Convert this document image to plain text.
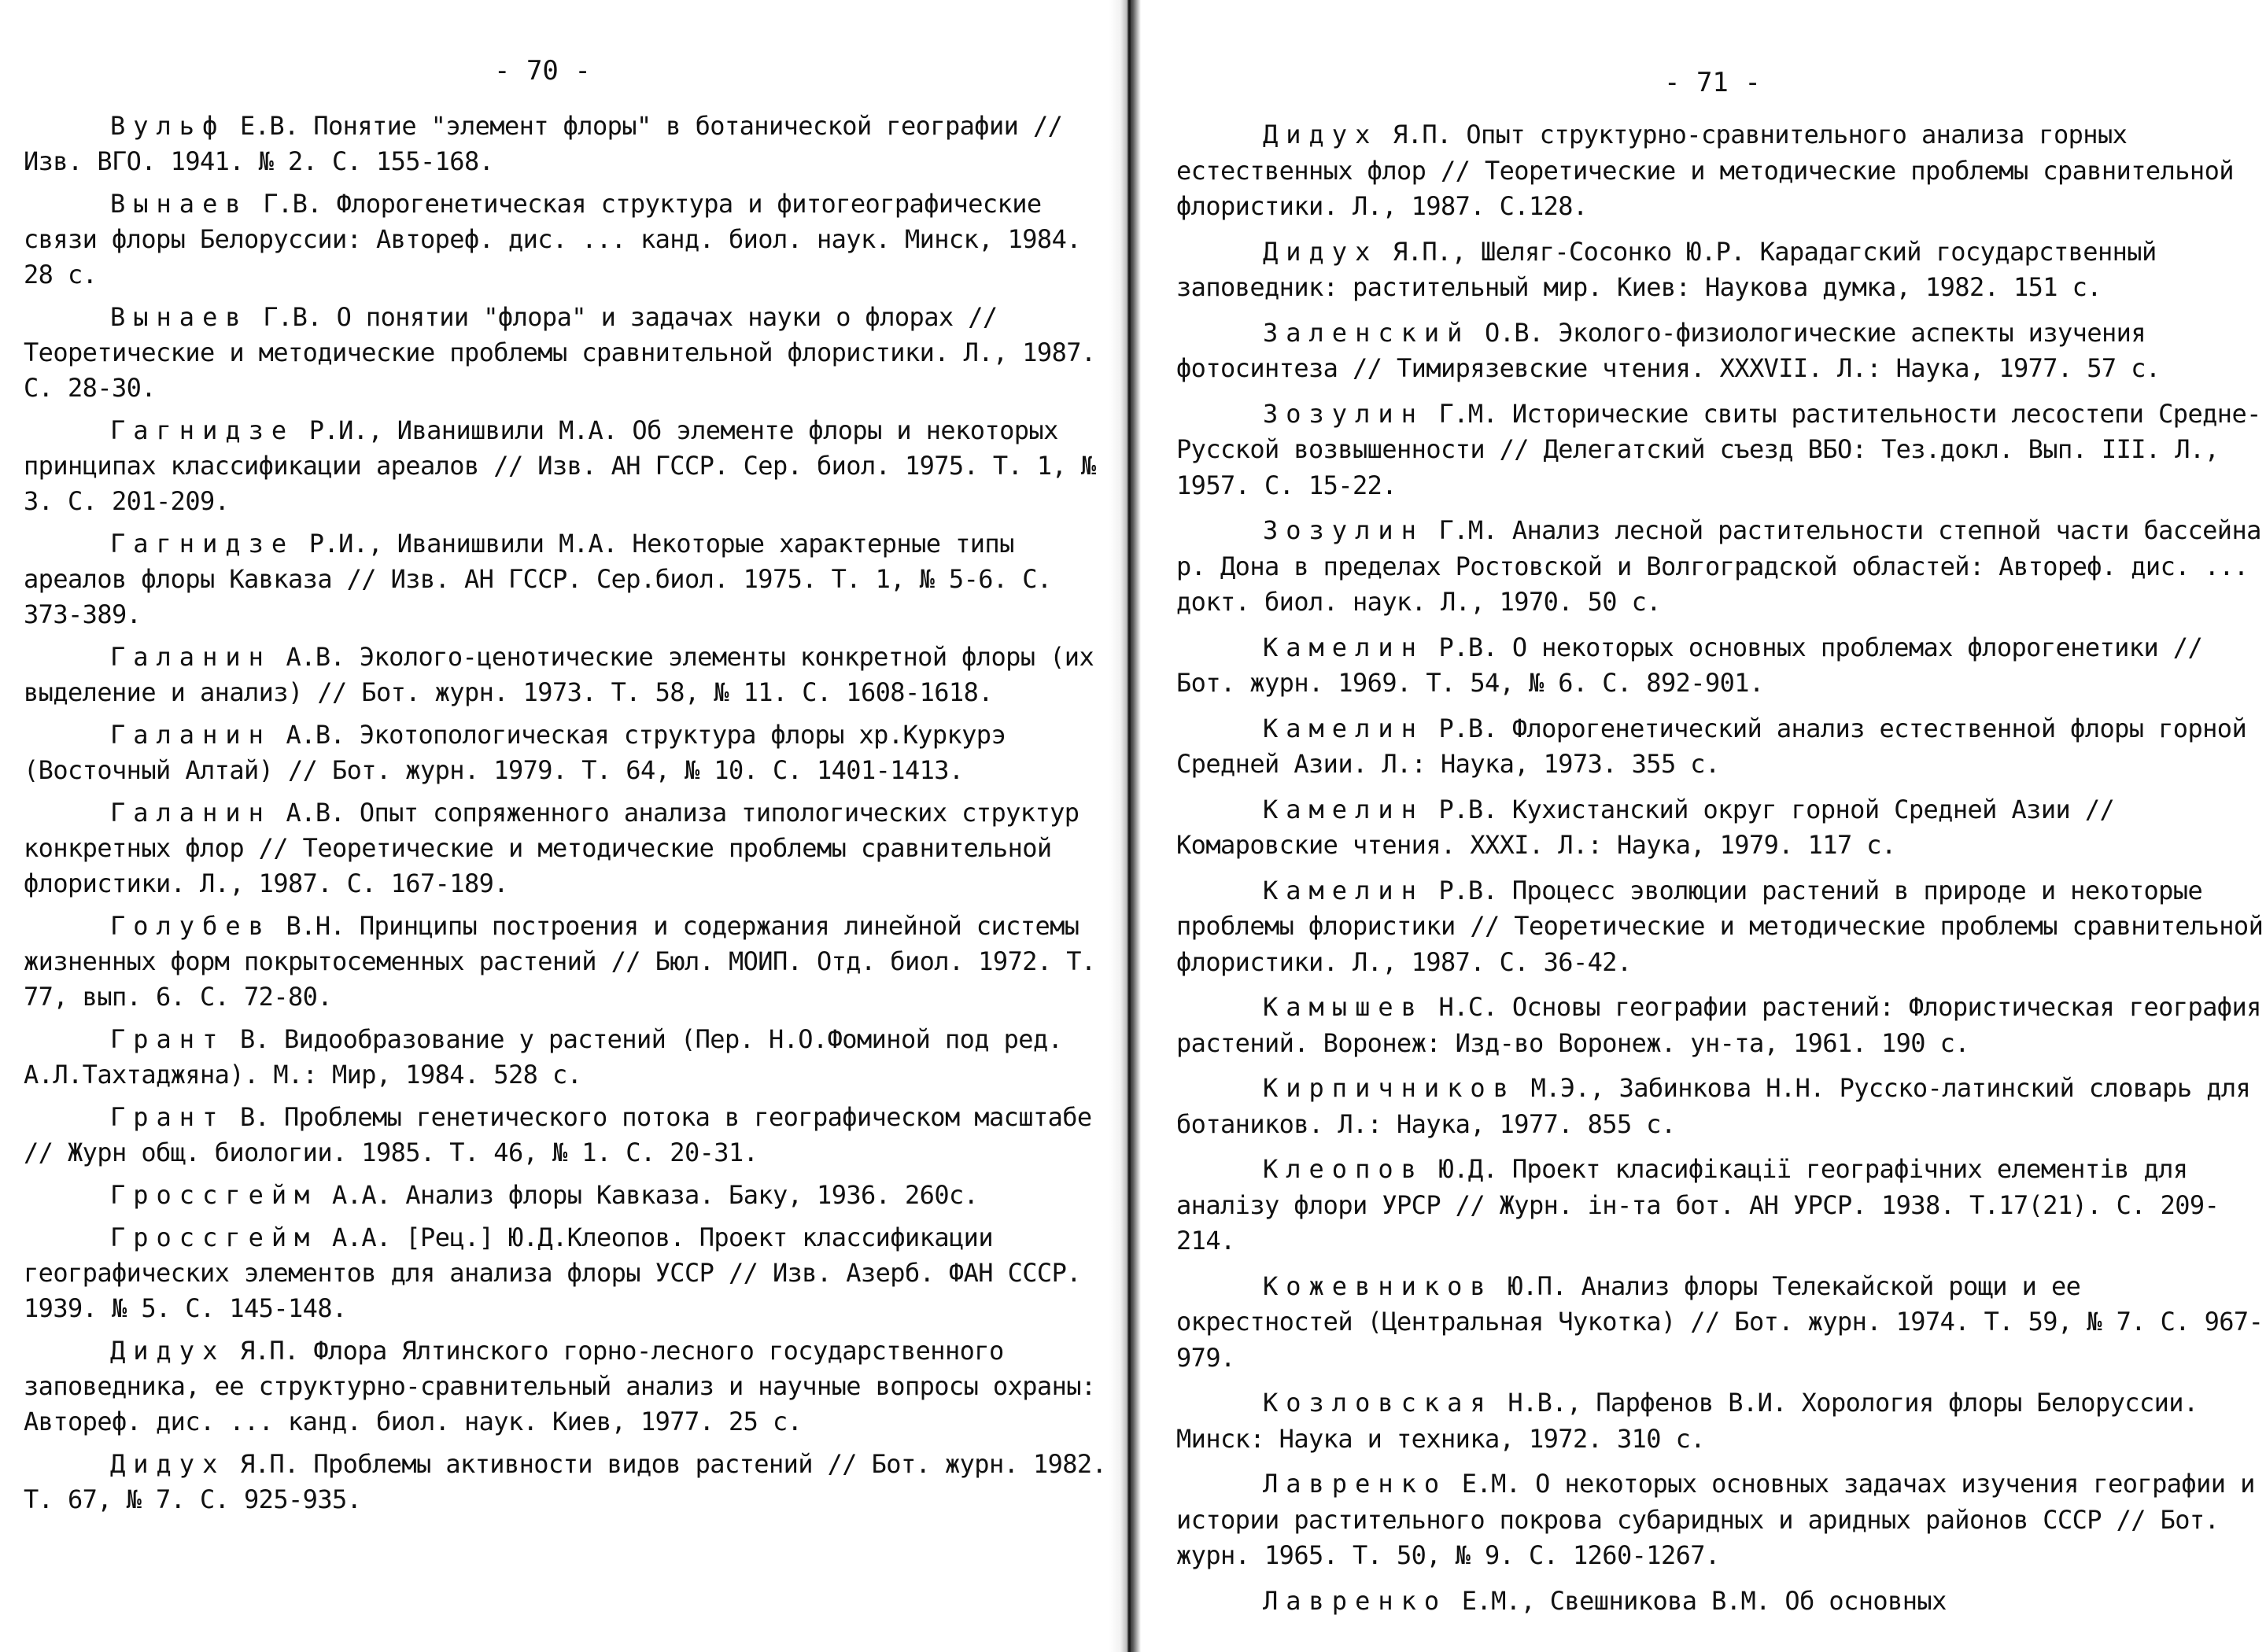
- 70 -

Вульф Е.В. Понятие "элемент флоры" в ботанической географии // Изв. ВГО. 1941. № 2. С. 155-168.

Вынаев Г.В. Флорогенетическая структура и фитогеографические связи флоры Белоруссии: Автореф. дис. ... канд. биол. наук. Минск, 1984. 28 с.

Вынаев Г.В. О понятии "флора" и задачах науки о флорах // Теоретические и методические проблемы сравнительной флористики. Л., 1987. С. 28-30.

Гагнидзе Р.И., Иванишвили М.А. Об элементе флоры и некоторых принципах классификации ареалов // Изв. АН ГССР. Сер. биол. 1975. Т. 1, № 3. С. 201-209.

Гагнидзе Р.И., Иванишвили М.А. Некоторые характерные типы ареалов флоры Кавказа // Изв. АН ГССР. Сер.биол. 1975. Т. 1, № 5-6. С. 373-389.

Галанин А.В. Эколого-ценотические элементы конкретной флоры (их выделение и анализ) // Бот. журн. 1973. Т. 58, № 11. С. 1608-1618.

Галанин А.В. Экотопологическая структура флоры хр.Куркурэ (Восточный Алтай) // Бот. журн. 1979. Т. 64, № 10. С. 1401-1413.

Галанин А.В. Опыт сопряженного анализа типологических структур конкретных флор // Теоретические и методические проблемы сравнительной флористики. Л., 1987. С. 167-189.

Голубев В.Н. Принципы построения и содержания линейной системы жизненных форм покрытосеменных растений // Бюл. МОИП. Отд. биол. 1972. Т. 77, вып. 6. С. 72-80.

Грант В. Видообразование у растений (Пер. Н.О.Фоминой под ред. А.Л.Тахтаджяна). М.: Мир, 1984. 528 с.

Грант В. Проблемы генетического потока в географическом масштабе // Журн общ. биологии. 1985. Т. 46, № 1. С. 20-31.

Гроссгейм А.А. Анализ флоры Кавказа. Баку, 1936. 260с.

Гроссгейм А.А. [Рец.] Ю.Д.Клеопов. Проект классификации географических элементов для анализа флоры УССР // Изв. Азерб. ФАН СССР. 1939. № 5. С. 145-148.

Дидух Я.П. Флора Ялтинского горно-лесного государственного заповедника, ее структурно-сравнительный анализ и научные вопросы охраны: Автореф. дис. ... канд. биол. наук. Киев, 1977. 25 с.

Дидух Я.П. Проблемы активности видов растений // Бот. журн. 1982. Т. 67, № 7. С. 925-935.

- 71 -

Дидух Я.П. Опыт структурно-сравнительного анализа горных естественных флор // Теоретические и методические проблемы сравнительной флористики. Л., 1987. С.128.

Дидух Я.П., Шеляг-Сосонко Ю.Р. Карадагский государственный заповедник: растительный мир. Киев: Наукова думка, 1982. 151 с.

Заленский О.В. Эколого-физиологические аспекты изучения фотосинтеза // Тимирязевские чтения. XXXVII. Л.: Наука, 1977. 57 с.

Зозулин Г.М. Исторические свиты растительности лесостепи Средне-Русской возвышенности // Делегатский съезд ВБО: Тез.докл. Вып. III. Л., 1957. С. 15-22.

Зозулин Г.М. Анализ лесной растительности степной части бассейна р. Дона в пределах Ростовской и Волгоградской областей: Автореф. дис. ... докт. биол. наук. Л., 1970. 50 с.

Камелин Р.В. О некоторых основных проблемах флорогенетики // Бот. журн. 1969. Т. 54, № 6. С. 892-901.

Камелин Р.В. Флорогенетический анализ естественной флоры горной Средней Азии. Л.: Наука, 1973. 355 с.

Камелин Р.В. Кухистанский округ горной Средней Азии // Комаровские чтения. XXXI. Л.: Наука, 1979. 117 с.

Камелин Р.В. Процесс эволюции растений в природе и некоторые проблемы флористики // Теоретические и методические проблемы сравнительной флористики. Л., 1987. С. 36-42.

Камышев Н.С. Основы географии растений: Флористическая география растений. Воронеж: Изд-во Воронеж. ун-та, 1961. 190 с.

Кирпичников М.Э., Забинкова Н.Н. Русско-латинский словарь для ботаников. Л.: Наука, 1977. 855 с.

Клеопов Ю.Д. Проект класифікації географічних елементів для аналізу флори УРСР // Журн. ін-та бот. АН УРСР. 1938. Т.17(21). С. 209-214.

Кожевников Ю.П. Анализ флоры Телекайской рощи и ее окрестностей (Центральная Чукотка) // Бот. журн. 1974. Т. 59, № 7. С. 967-979.

Козловская Н.В., Парфенов В.И. Хорология флоры Белоруссии. Минск: Наука и техника, 1972. 310 с.

Лавренко Е.М. О некоторых основных задачах изучения географии и истории растительного покрова субаридных и аридных районов СССР // Бот. журн. 1965. Т. 50, № 9. С. 1260-1267.

Лавренко Е.М., Свешникова В.М. Об основных
